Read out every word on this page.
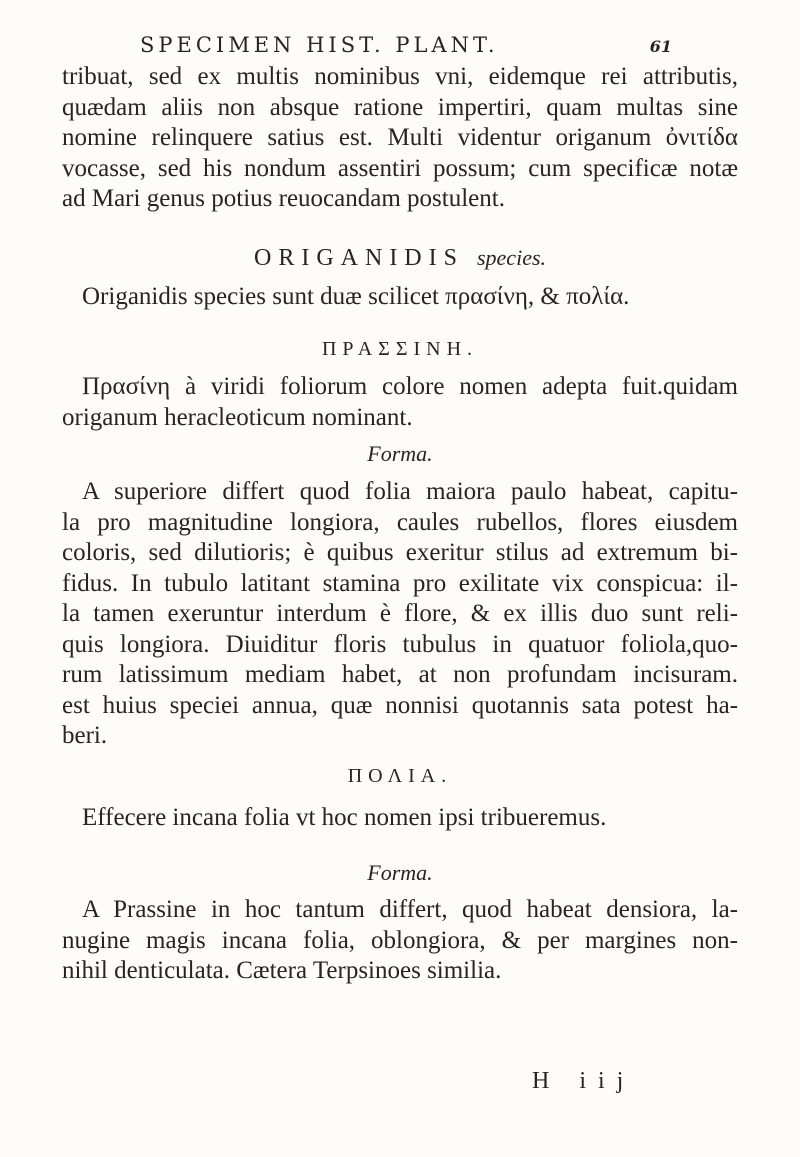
SPECIMEN HIST. PLANT.	61
tribuat, sed ex multis nominibus vni, eidemque rei attributis,
quædam aliis non absque ratione impertiri, quam multas sine
nomine relinquere satius est. Multi videntur origanum ὀνιτίδα
vocasse, sed his nondum assentiri possum; cum specificæ notæ
ad Mari genus potius reuocandam postulent.
ORIGANIDIS species.
Origanidis species sunt duæ scilicet πρασίνη, & πολία.
ΠΡΑΣΣΙΝΗ.
Πρασίνη à viridi foliorum colore nomen adepta fuit.quidam
origanum heracleoticum nominant.
Forma.
A superiore differt quod folia maiora paulo habeat, capitu-
la pro magnitudine longiora, caules rubellos, flores eiusdem
coloris, sed dilutioris; è quibus exeritur stilus ad extremum bi-
fidus. In tubulo latitant stamina pro exilitate vix conspicua: il-
la tamen exeruntur interdum è flore, & ex illis duo sunt reli-
quis longiora. Diuiditur floris tubulus in quatuor foliola,quo-
rum latissimum mediam habet, at non profundam incisuram.
est huius speciei annua, quæ nonnisi quotannis sata potest ha-
beri.
ΠΟΛΙΑ.
Effecere incana folia vt hoc nomen ipsi tribueremus.
Forma.
A Prassine in hoc tantum differt, quod habeat densiora, la-
nugine magis incana folia, oblongiora, & per margines non-
nihil denticulata. Cætera Terpsinoes similia.
H iij
